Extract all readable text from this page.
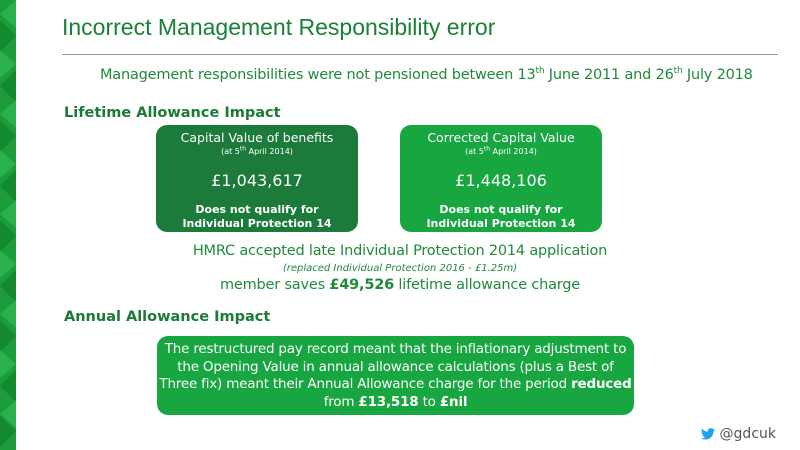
Incorrect Management Responsibility error
Management responsibilities were not pensioned between 13th June 2011 and 26th July 2018
Lifetime Allowance Impact
Capital Value of benefits
(at 5th April 2014)
£1,043,617
Does not qualify for
Individual Protection 14
Corrected Capital Value
(at 5th April 2014)
£1,448,106
Does not qualify for
Individual Protection 14
HMRC accepted late Individual Protection 2014 application
(replaced Individual Protection 2016 - £1.25m)
member saves £49,526 lifetime allowance charge
Annual Allowance Impact
The restructured pay record meant that the inflationary adjustment to the Opening Value in annual allowance calculations (plus a Best of Three fix) meant their Annual Allowance charge for the period reduced from £13,518 to £nil
@gdcuk
